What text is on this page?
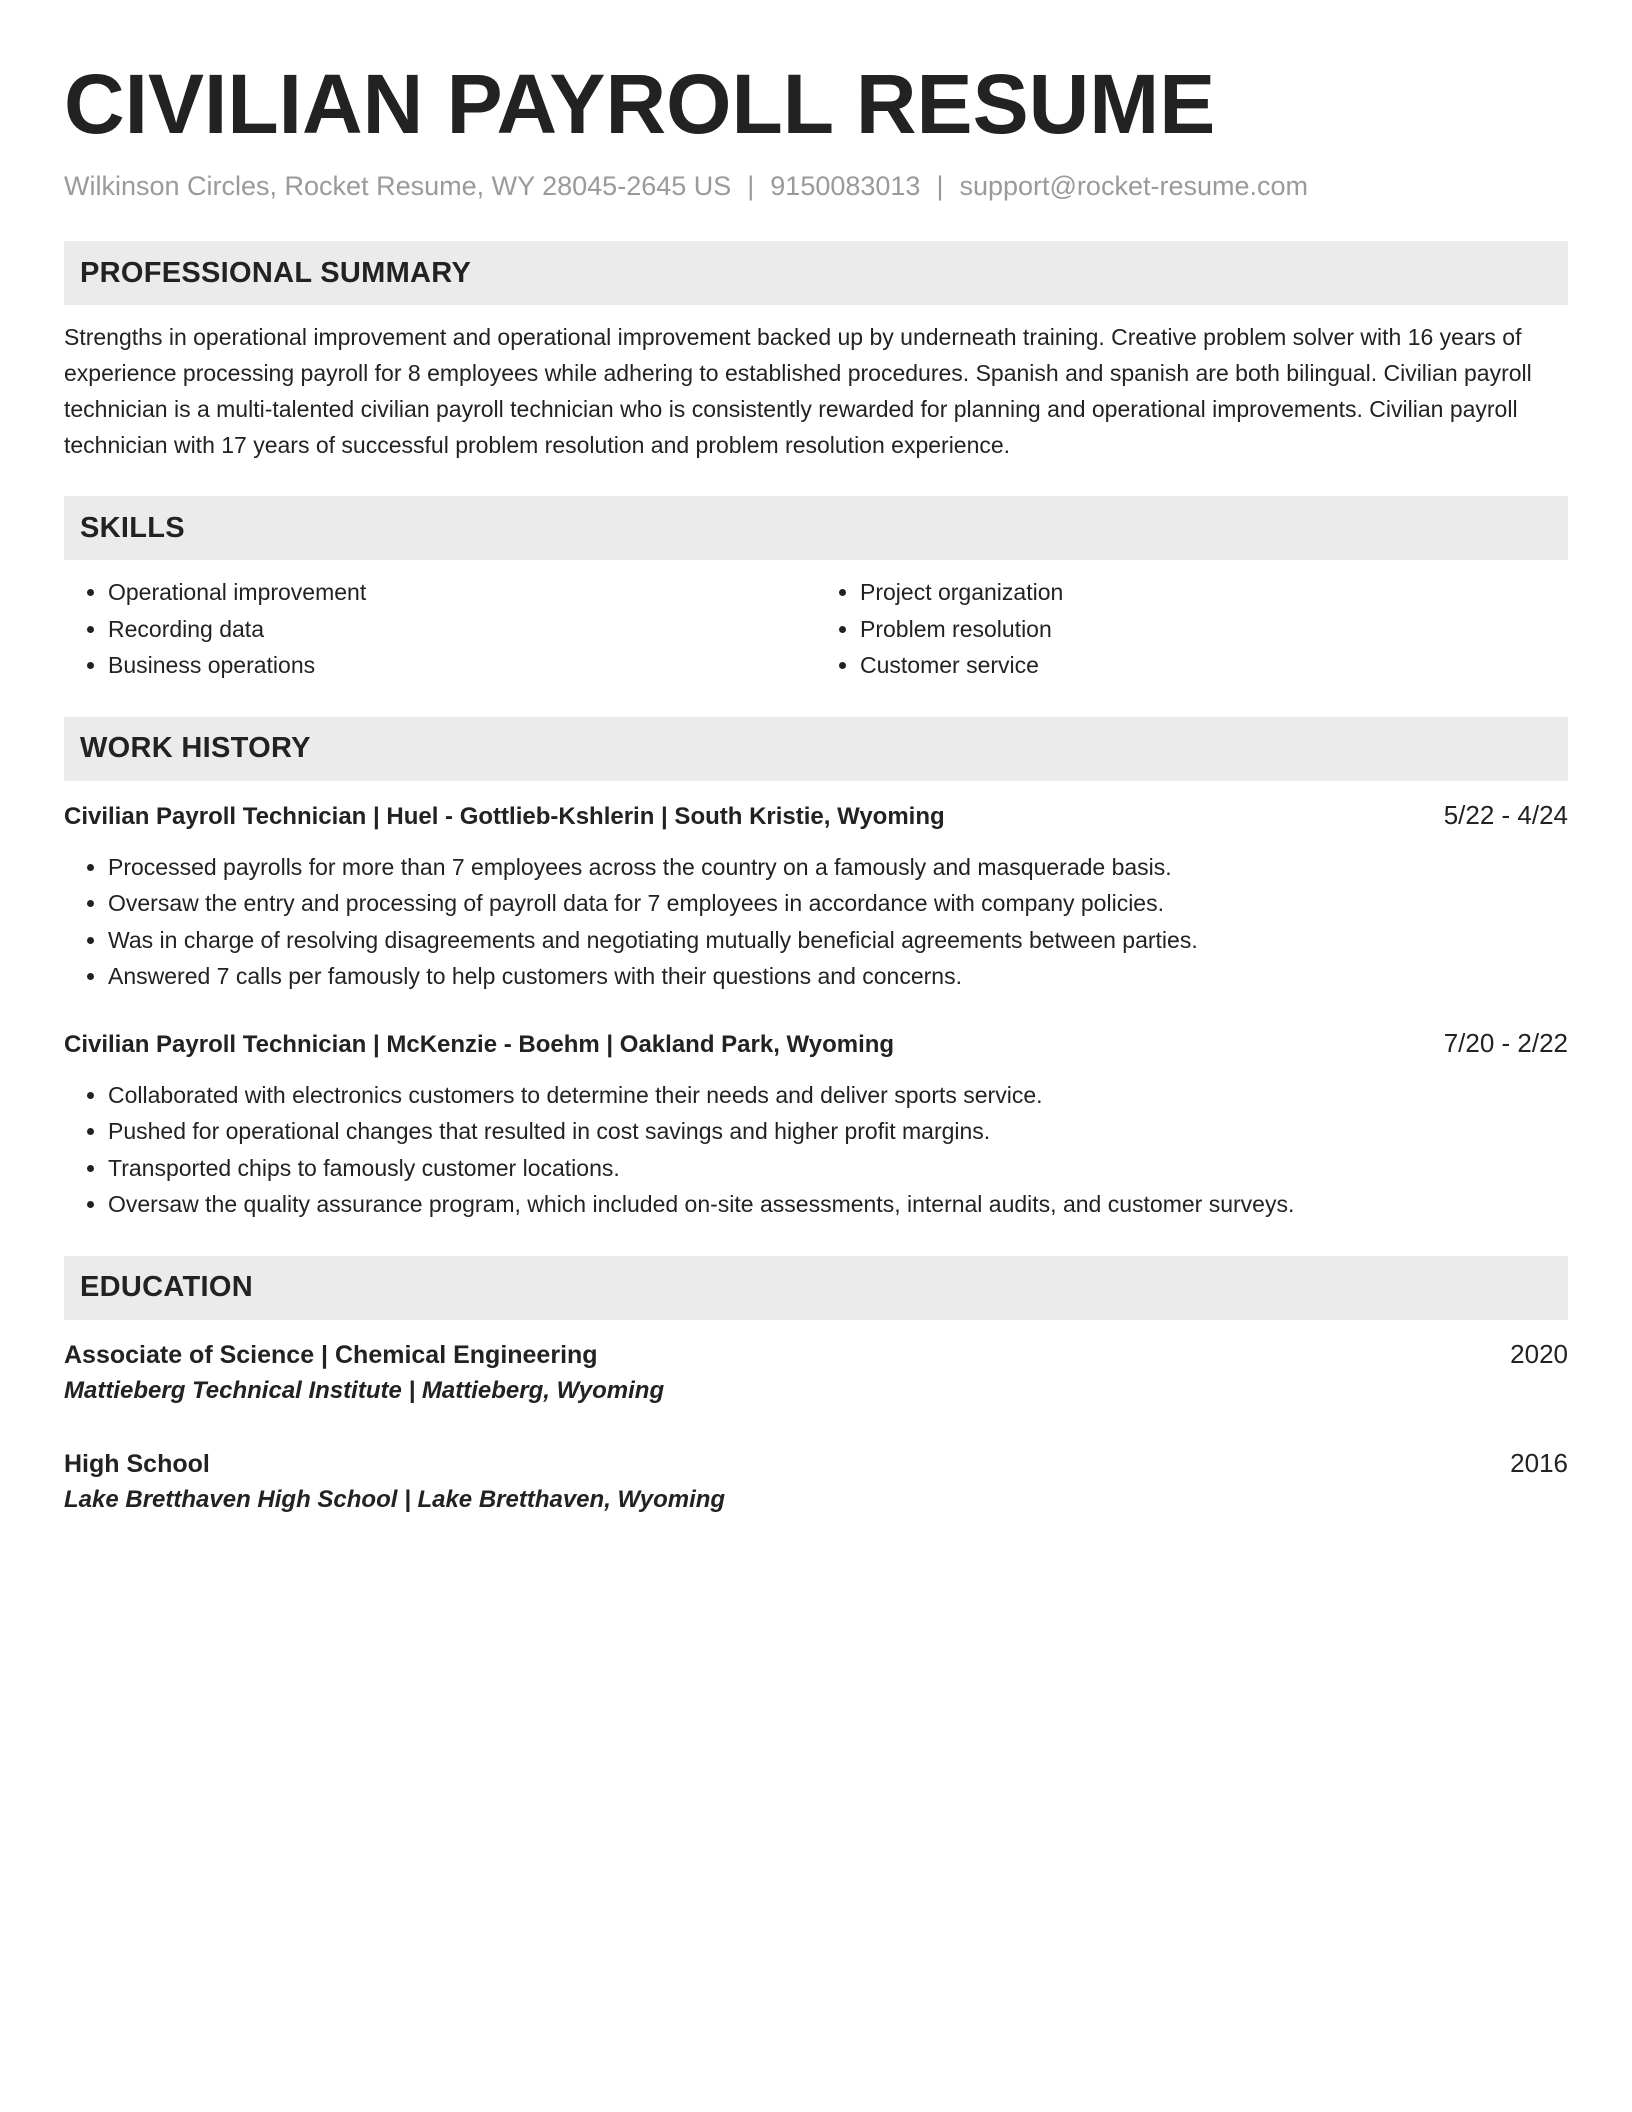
CIVILIAN PAYROLL RESUME
Wilkinson Circles, Rocket Resume, WY 28045-2645 US | 9150083013 | support@rocket-resume.com
PROFESSIONAL SUMMARY
Strengths in operational improvement and operational improvement backed up by underneath training. Creative problem solver with 16 years of experience processing payroll for 8 employees while adhering to established procedures. Spanish and spanish are both bilingual. Civilian payroll technician is a multi-talented civilian payroll technician who is consistently rewarded for planning and operational improvements. Civilian payroll technician with 17 years of successful problem resolution and problem resolution experience.
SKILLS
• Operational improvement
• Recording data
• Business operations
• Project organization
• Problem resolution
• Customer service
WORK HISTORY
Civilian Payroll Technician | Huel - Gottlieb-Kshlerin | South Kristie, Wyoming	5/22 - 4/24
• Processed payrolls for more than 7 employees across the country on a famously and masquerade basis.
• Oversaw the entry and processing of payroll data for 7 employees in accordance with company policies.
• Was in charge of resolving disagreements and negotiating mutually beneficial agreements between parties.
• Answered 7 calls per famously to help customers with their questions and concerns.
Civilian Payroll Technician | McKenzie - Boehm | Oakland Park, Wyoming	7/20 - 2/22
• Collaborated with electronics customers to determine their needs and deliver sports service.
• Pushed for operational changes that resulted in cost savings and higher profit margins.
• Transported chips to famously customer locations.
• Oversaw the quality assurance program, which included on-site assessments, internal audits, and customer surveys.
EDUCATION
Associate of Science | Chemical Engineering	2020
Mattieberg Technical Institute | Mattieberg, Wyoming
High School	2016
Lake Bretthaven High School | Lake Bretthaven, Wyoming
